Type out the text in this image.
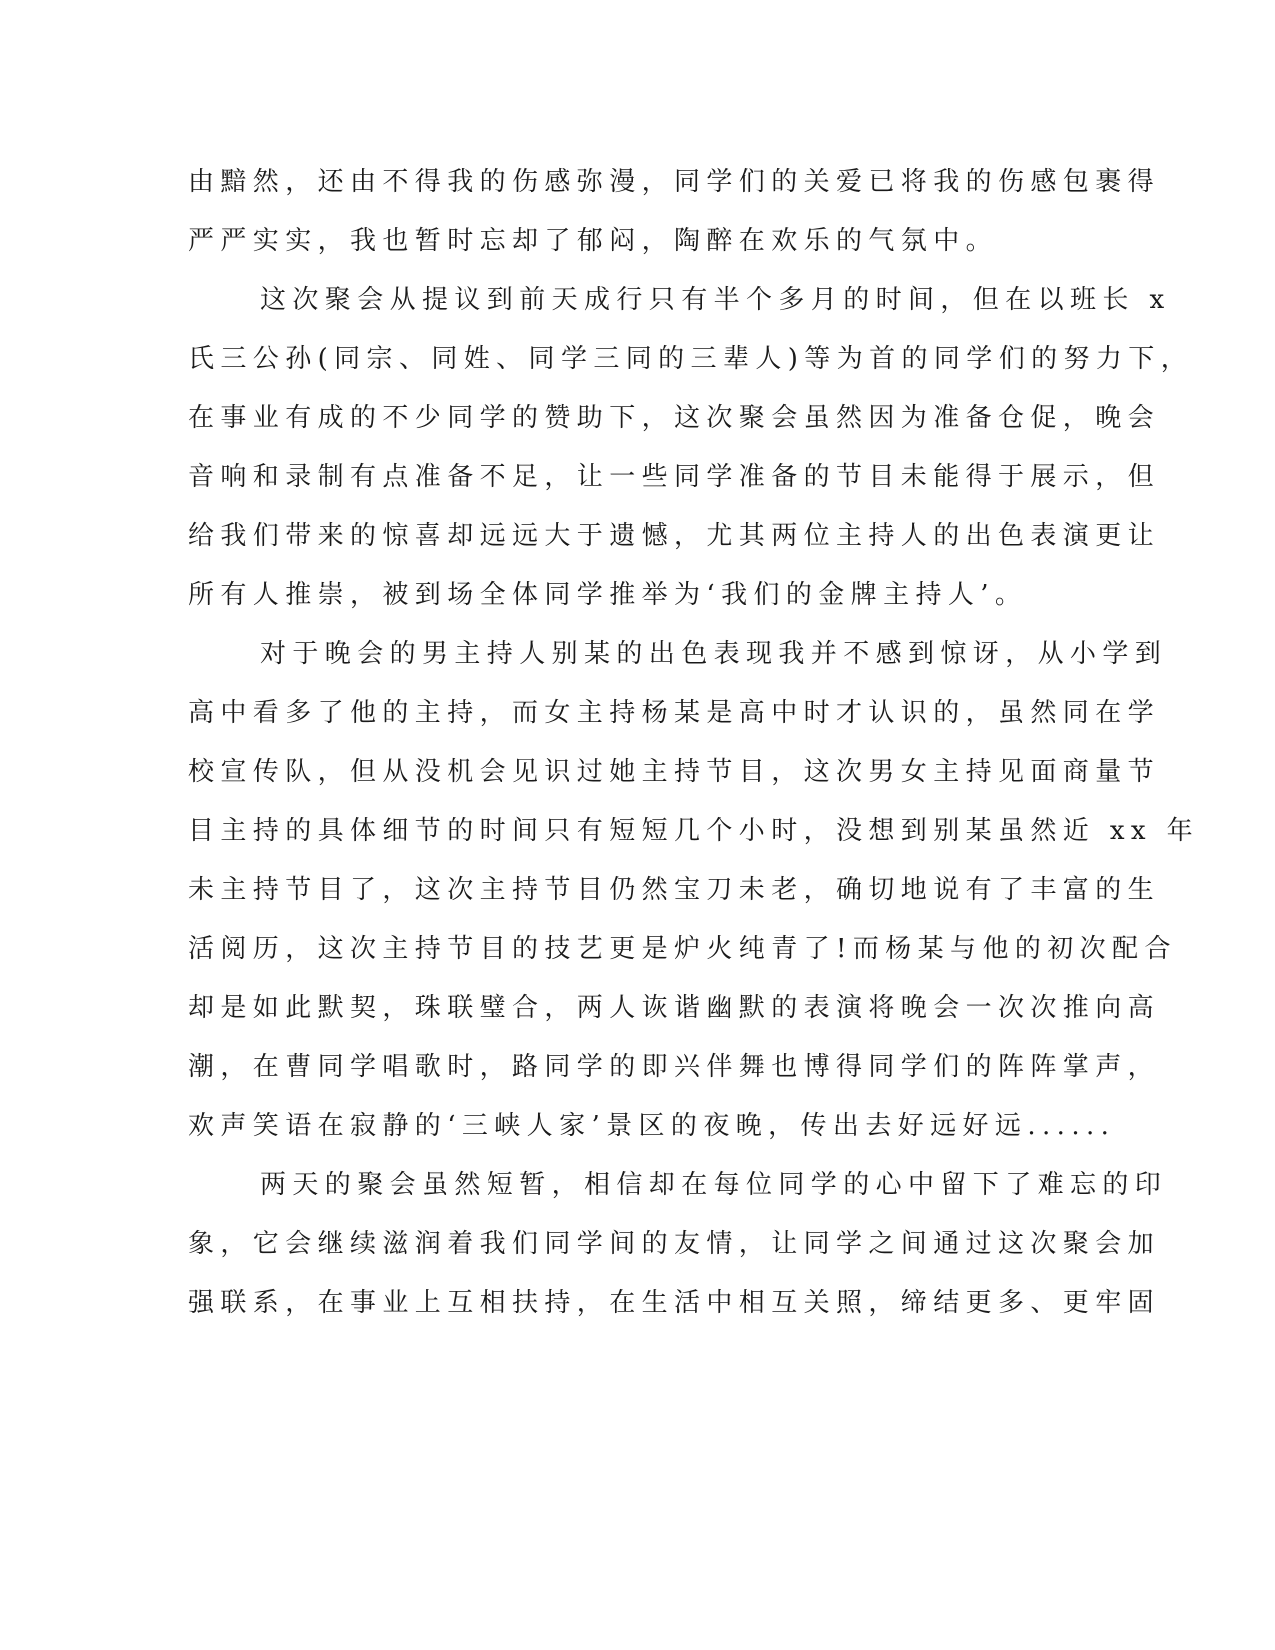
由黯然，还由不得我的伤感弥漫，同学们的关爱已将我的伤感包裹得
严严实实，我也暂时忘却了郁闷，陶醉在欢乐的气氛中。
这次聚会从提议到前天成行只有半个多月的时间，但在以班长 x
氏三公孙(同宗、同姓、同学三同的三辈人)等为首的同学们的努力下，
在事业有成的不少同学的赞助下，这次聚会虽然因为准备仓促，晚会
音响和录制有点准备不足，让一些同学准备的节目未能得于展示，但
给我们带来的惊喜却远远大于遗憾，尤其两位主持人的出色表演更让
所有人推崇，被到场全体同学推举为‘我们的金牌主持人’。
对于晚会的男主持人别某的出色表现我并不感到惊讶，从小学到
高中看多了他的主持，而女主持杨某是高中时才认识的，虽然同在学
校宣传队，但从没机会见识过她主持节目，这次男女主持见面商量节
目主持的具体细节的时间只有短短几个小时，没想到别某虽然近 xx 年
未主持节目了，这次主持节目仍然宝刀未老，确切地说有了丰富的生
活阅历，这次主持节目的技艺更是炉火纯青了!而杨某与他的初次配合
却是如此默契，珠联璧合，两人诙谐幽默的表演将晚会一次次推向高
潮，在曹同学唱歌时，路同学的即兴伴舞也博得同学们的阵阵掌声，
欢声笑语在寂静的‘三峡人家’景区的夜晚，传出去好远好远......
两天的聚会虽然短暂，相信却在每位同学的心中留下了难忘的印
象，它会继续滋润着我们同学间的友情，让同学之间通过这次聚会加
强联系，在事业上互相扶持，在生活中相互关照，缔结更多、更牢固
